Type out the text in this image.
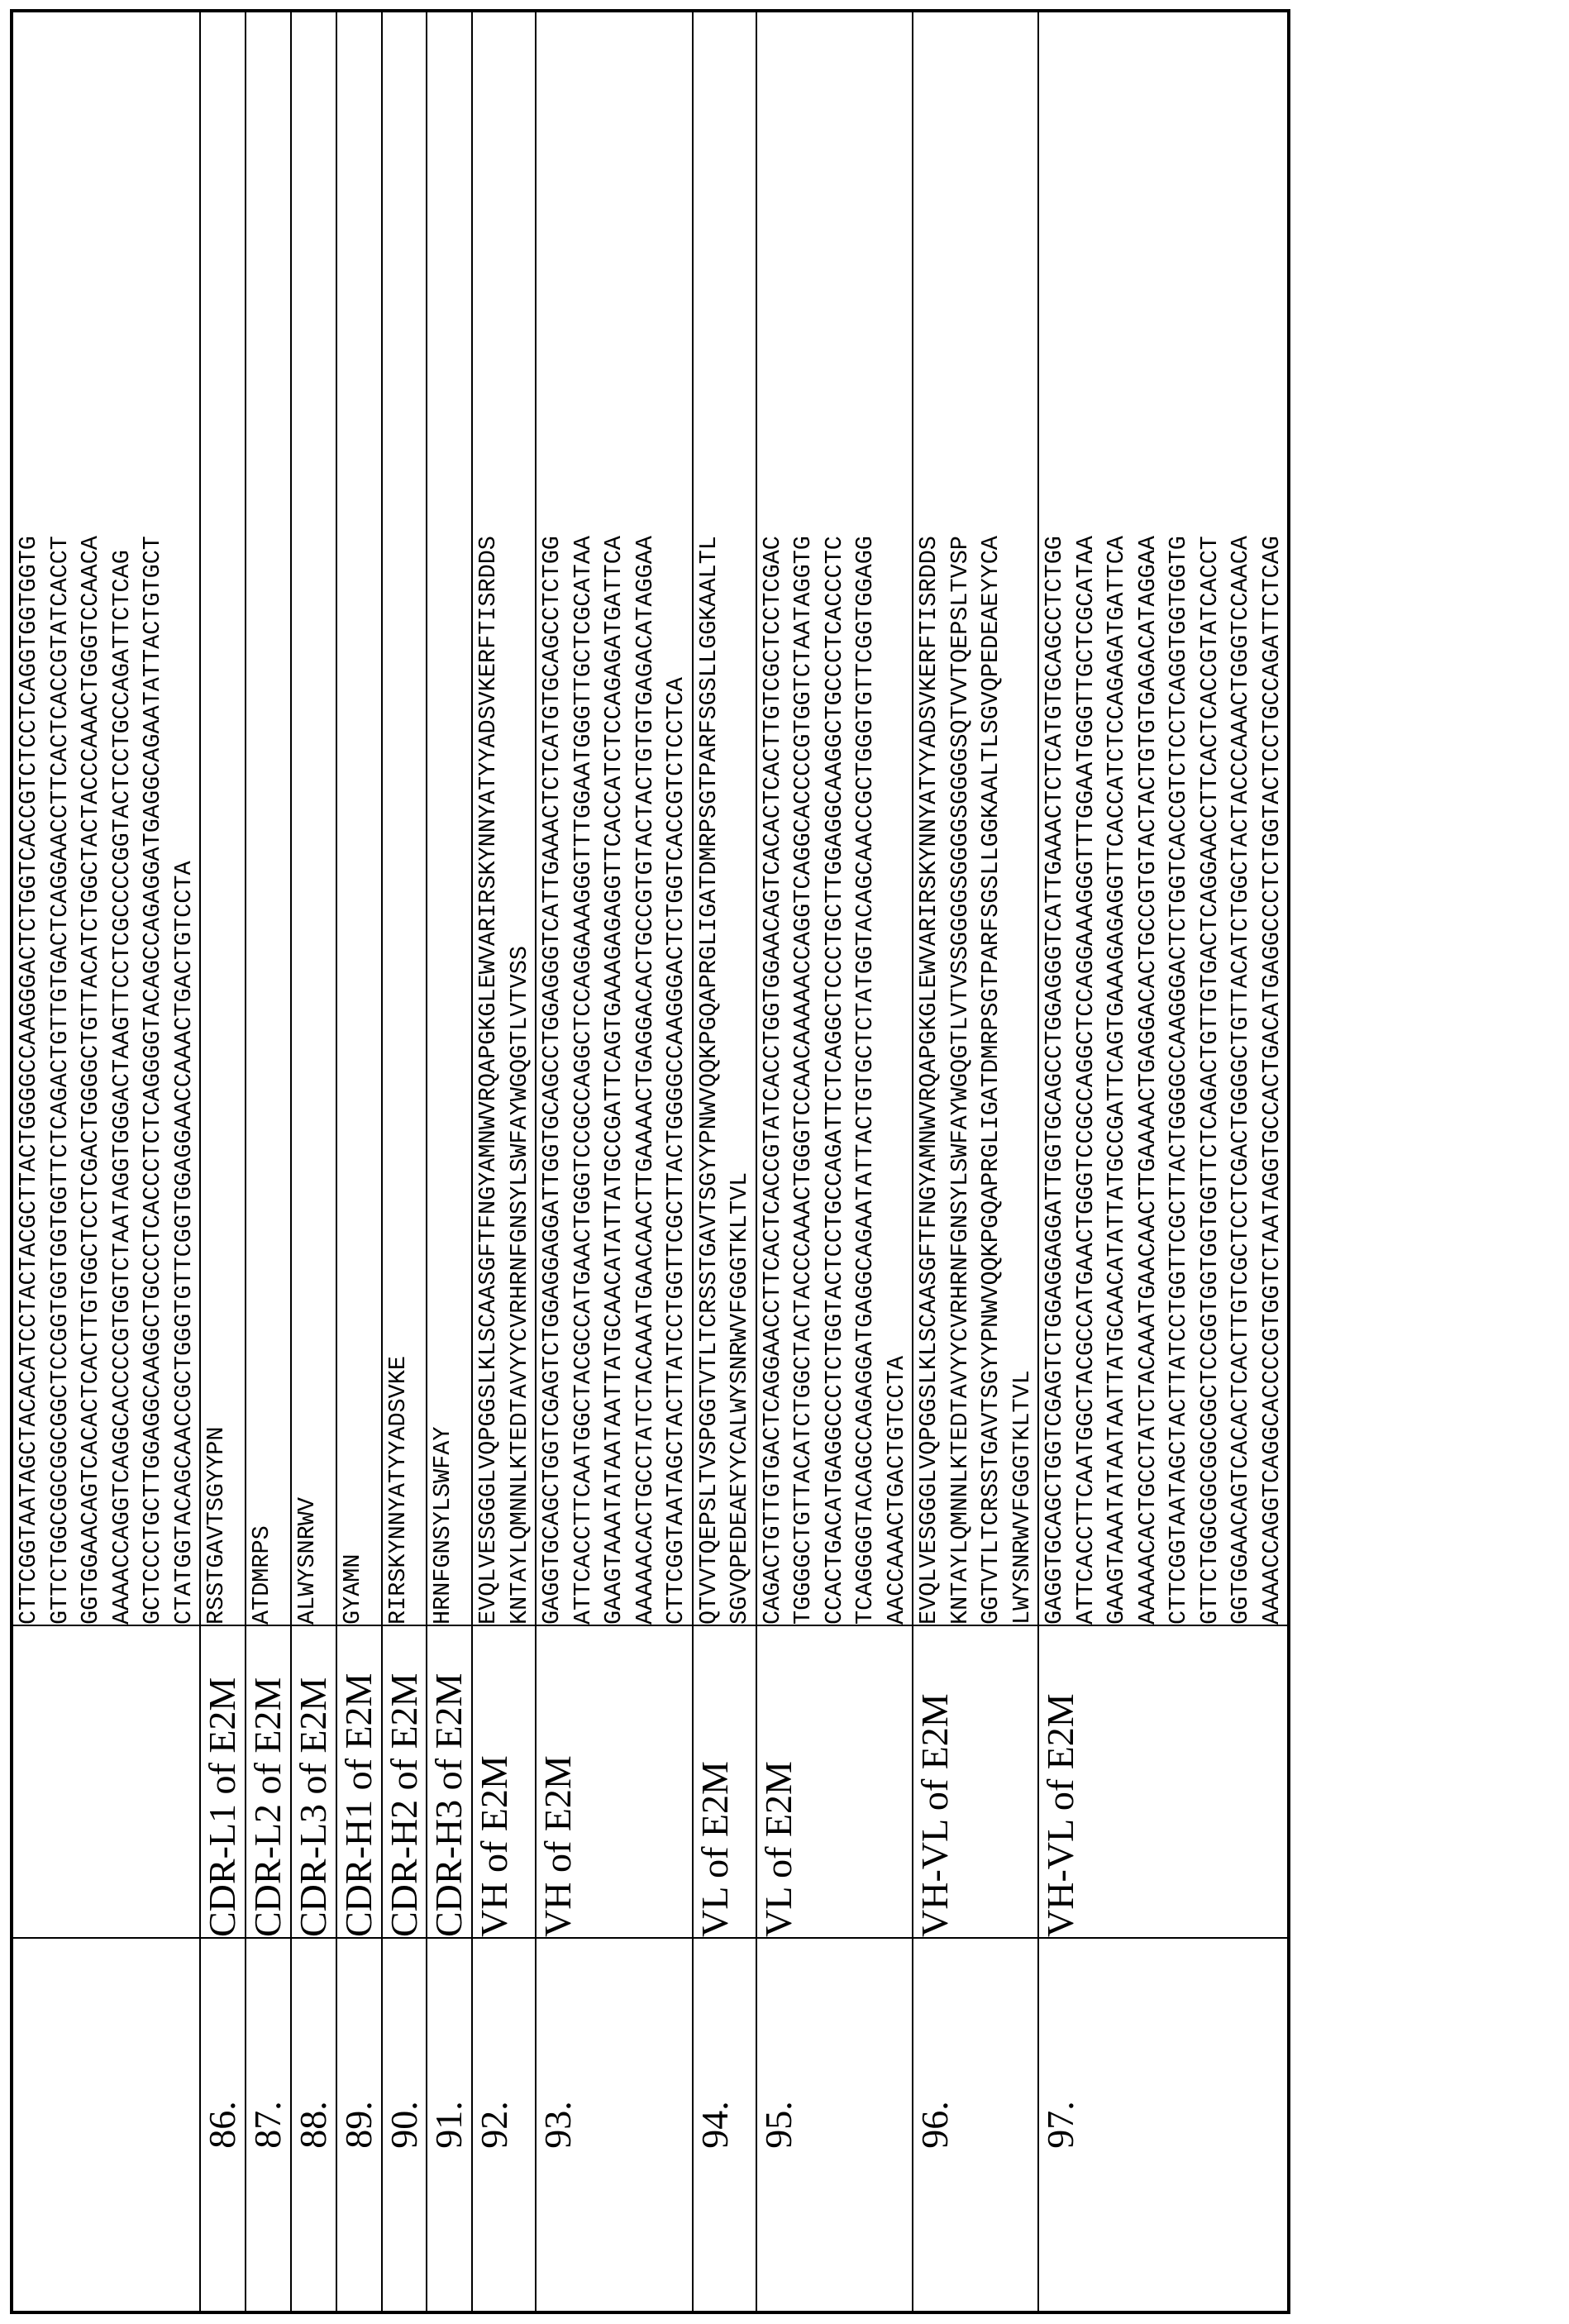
CTTCGGTAATAGCTACACATCCTACTACGCTTACTGGGGCCAAGGGACTCTGGTCACCGTCTCCTCAGGTGGTGGTG GTTCTGGCGGCGGCGGCTCCGGTGGTGGTGGTTCTCAGACTGTTGTGACTCAGGAACCTTCACTCACCGTATCACCT GGTGGAACAGTCACACTCACTTGTGGCTCCTCGACTGGGGCTGTTACATCTGGCTACTACCCAAACTGGGTCCAACA AAAACCAGGTCAGGCACCCCGTGGTCTAATAGGTGGGACTAAGTTCCTCGCCCCGGTACTCCTGCCAGATTCTCAG GCTCCCTGCTTGGAGGCAAGGCTGCCCTCACCCTCTCAGGGGTACAGCCAGAGGATGAGGCAGAATATTACTGTGCT CTATGGTACAGCAACCGCTGGGTGTTCGGTGGAGGAACCAAACTGACTGTCCTA

86.	CDR-L1 of E2M	RSSTGAVTSGYYPN

87.	CDR-L2 of E2M	ATDMRPS

88.	CDR-L3 of E2M	ALWYSNRWV

89.	CDR-H1 of E2M	GYAMN

90.	CDR-H2 of E2M	RIRSKYNNYATYYADSVKE

91.	CDR-H3 of E2M	HRNFGNSYLSWFAY

92.	VH of E2M	EVQLVESGGGLVQPGGSLKLSCAASGFTFNGYAMNWVRQAPGKGLEWVARIRSKYNNYATYYADSVKERFTISRDDS KNTAYLQMNNLKTEDTAVYYCVRHRNFGNSYLSWFAYWGQGTLVTVSS

93.	VH of E2M	GAGGTGCAGCTGGTCGAGTCTGGAGGAGGATTGGTGCAGCCTGGAGGGTCATTGAAACTCTCATGTGCAGCCTCTGG ATTCACCTTCAATGGCTACGCCATGAACTGGGTCCGCCAGGCTCCAGGAAAGGGTTTGGAATGGGTTGCTCGCATAA GAAGTAAATATAATAATTATGCAACATATTATGCCGATTCAGTGAAAGAGAGGTTCACCATCTCCAGAGATGATTCA AAAAACACTGCCTATCTACAAATGAACAACTTGAAAACTGAGGACACTGCCGTGTACTACTGTGTGAGACATAGGAA CTTCGGTAATAGCTACTTATCCTGGTTCGCTTACTGGGGCCAAGGGACTCTGGTCACCGTCTCCTCA

94.	VL of E2M	QTVVTQEPSLTVSPGGTVTLTCRSSTGAVTSGYYPNWVQQKPGQAPRGLIGATDMRPSGTPARFSGSLLGGKAALTL SGVQPEDEAEYYCALWYSNRWVFGGGTKLTVL

95.	VL of E2M	CAGACTGTTGTGACTCAGGAACCTTCACTCACCGTATCACCTGGTGGAACAGTCACACTCACTTGTCGCTCCTCGAC TGGGGCTGTTACATCTGGCTACTACCCAAACTGGGTCCAACAAAAACCAGGTCAGGCACCCCGTGGTCTAATAGGTG CCACTGACATGAGGCCCTCTGGTACTCCTGCCAGATTCTCAGGCTCCCTGCTTGGAGGCAAGGCTGCCCTCACCCTC TCAGGGGTACAGCCAGAGGATGAGGCAGAATATTACTGTGCTCTATGGTACAGCAACCGCTGGGTGTTCGGTGGAGG AACCAAACTGACTGTCCTA

96.	VH-VL of E2M	EVQLVESGGGLVQPGGSLKLSCAASGFTFNGYAMNWVRQAPGKGLEWVARIRSKYNNYATYYADSVKERFTISRDDS KNTAYLQMNNLKTEDTAVYYCVRHRNFGNSYLSWFAYWGQGTLVTVSSGGGGSGGGGSGGGGSQTVVTQEPSLTVSP GGTVTLTCRSSTGAVTSGYYPNWVQQKPGQAPRGLIGATDMRPSGTPARFSGSLLGGKAALTLSGVQPEDEAEYYCA LWYSNRWVFGGGTKLTVL

97.	VH-VL of E2M	
GAGGTGCAGCTGGTCGAGTCTGGAGGAGGATTGGTGCAGCCTGGAGGGTCATTGAAACTCTCATGTGCAGCCTCTGG ATTCACCTTCAATGGCTACGCCATGAACTGGGTCCGCCAGGCTCCAGGAAAGGGTTTGGAATGGGTTGCTCGCATAA GAAGTAAATATAATAATTATGCAACATATTATGCCGATTCAGTGAAAGAGAGGTTCACCATCTCCAGAGATGATTCA AAAAACACTGCCTATCTACAAATGAACAACTTGAAAACTGAGGACACTGCCGTGTACTACTGTGTGAGACATAGGAA CTTCGGTAATAGCTACTTATCCTGGTTCGCTTACTGGGGCCAAGGGACTCTGGTCACCGTCTCCTCAGGTGGTGGTG GTTCTGGCGGCGGCGGCTCCGGTGGTGGTGGTTCTCAGACTGTTGTGACTCAGGAACCTTCACTCACCGTATCACCT GGTGGAACAGTCACACTCACTTGTCGCTCCTCGACTGGGGCTGTTACATCTGGCTACTACCCAAACTGGGTCCAACA AAAACCAGGTCAGGCACCCCGTGGTCTAATAGGTGCCACTGACATGAGGCCCTCTGGTACTCCTGCCAGATTCTCAG
